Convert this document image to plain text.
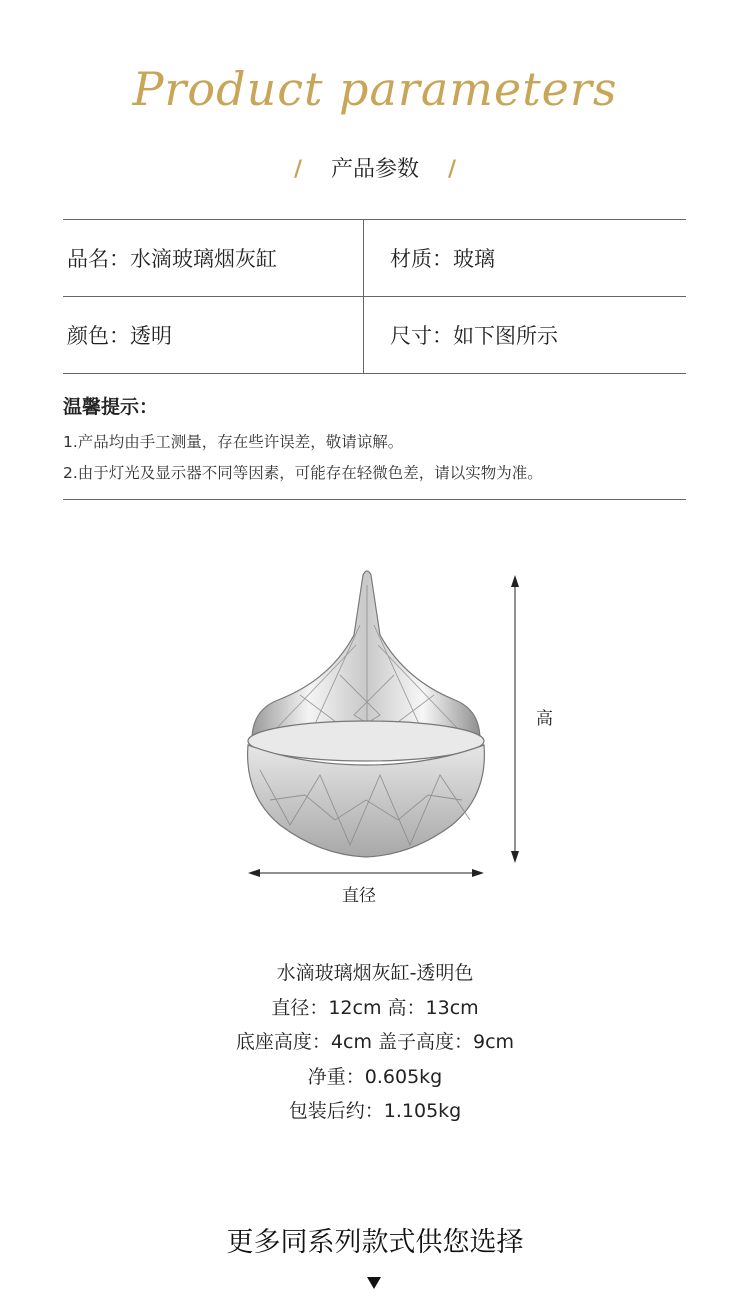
Product parameters
/ 产品参数 /
品名：水滴玻璃烟灰缸	材质：玻璃
颜色：透明	尺寸：如下图所示
温馨提示：
1.产品均由手工测量，存在些许误差，敬请谅解。
2.由于灯光及显示器不同等因素，可能存在轻微色差，请以实物为准。
高
直径
水滴玻璃烟灰缸-透明色
直径：12cm 高：13cm
底座高度：4cm 盖子高度：9cm
净重：0.605kg
包装后约：1.105kg
更多同系列款式供您选择
